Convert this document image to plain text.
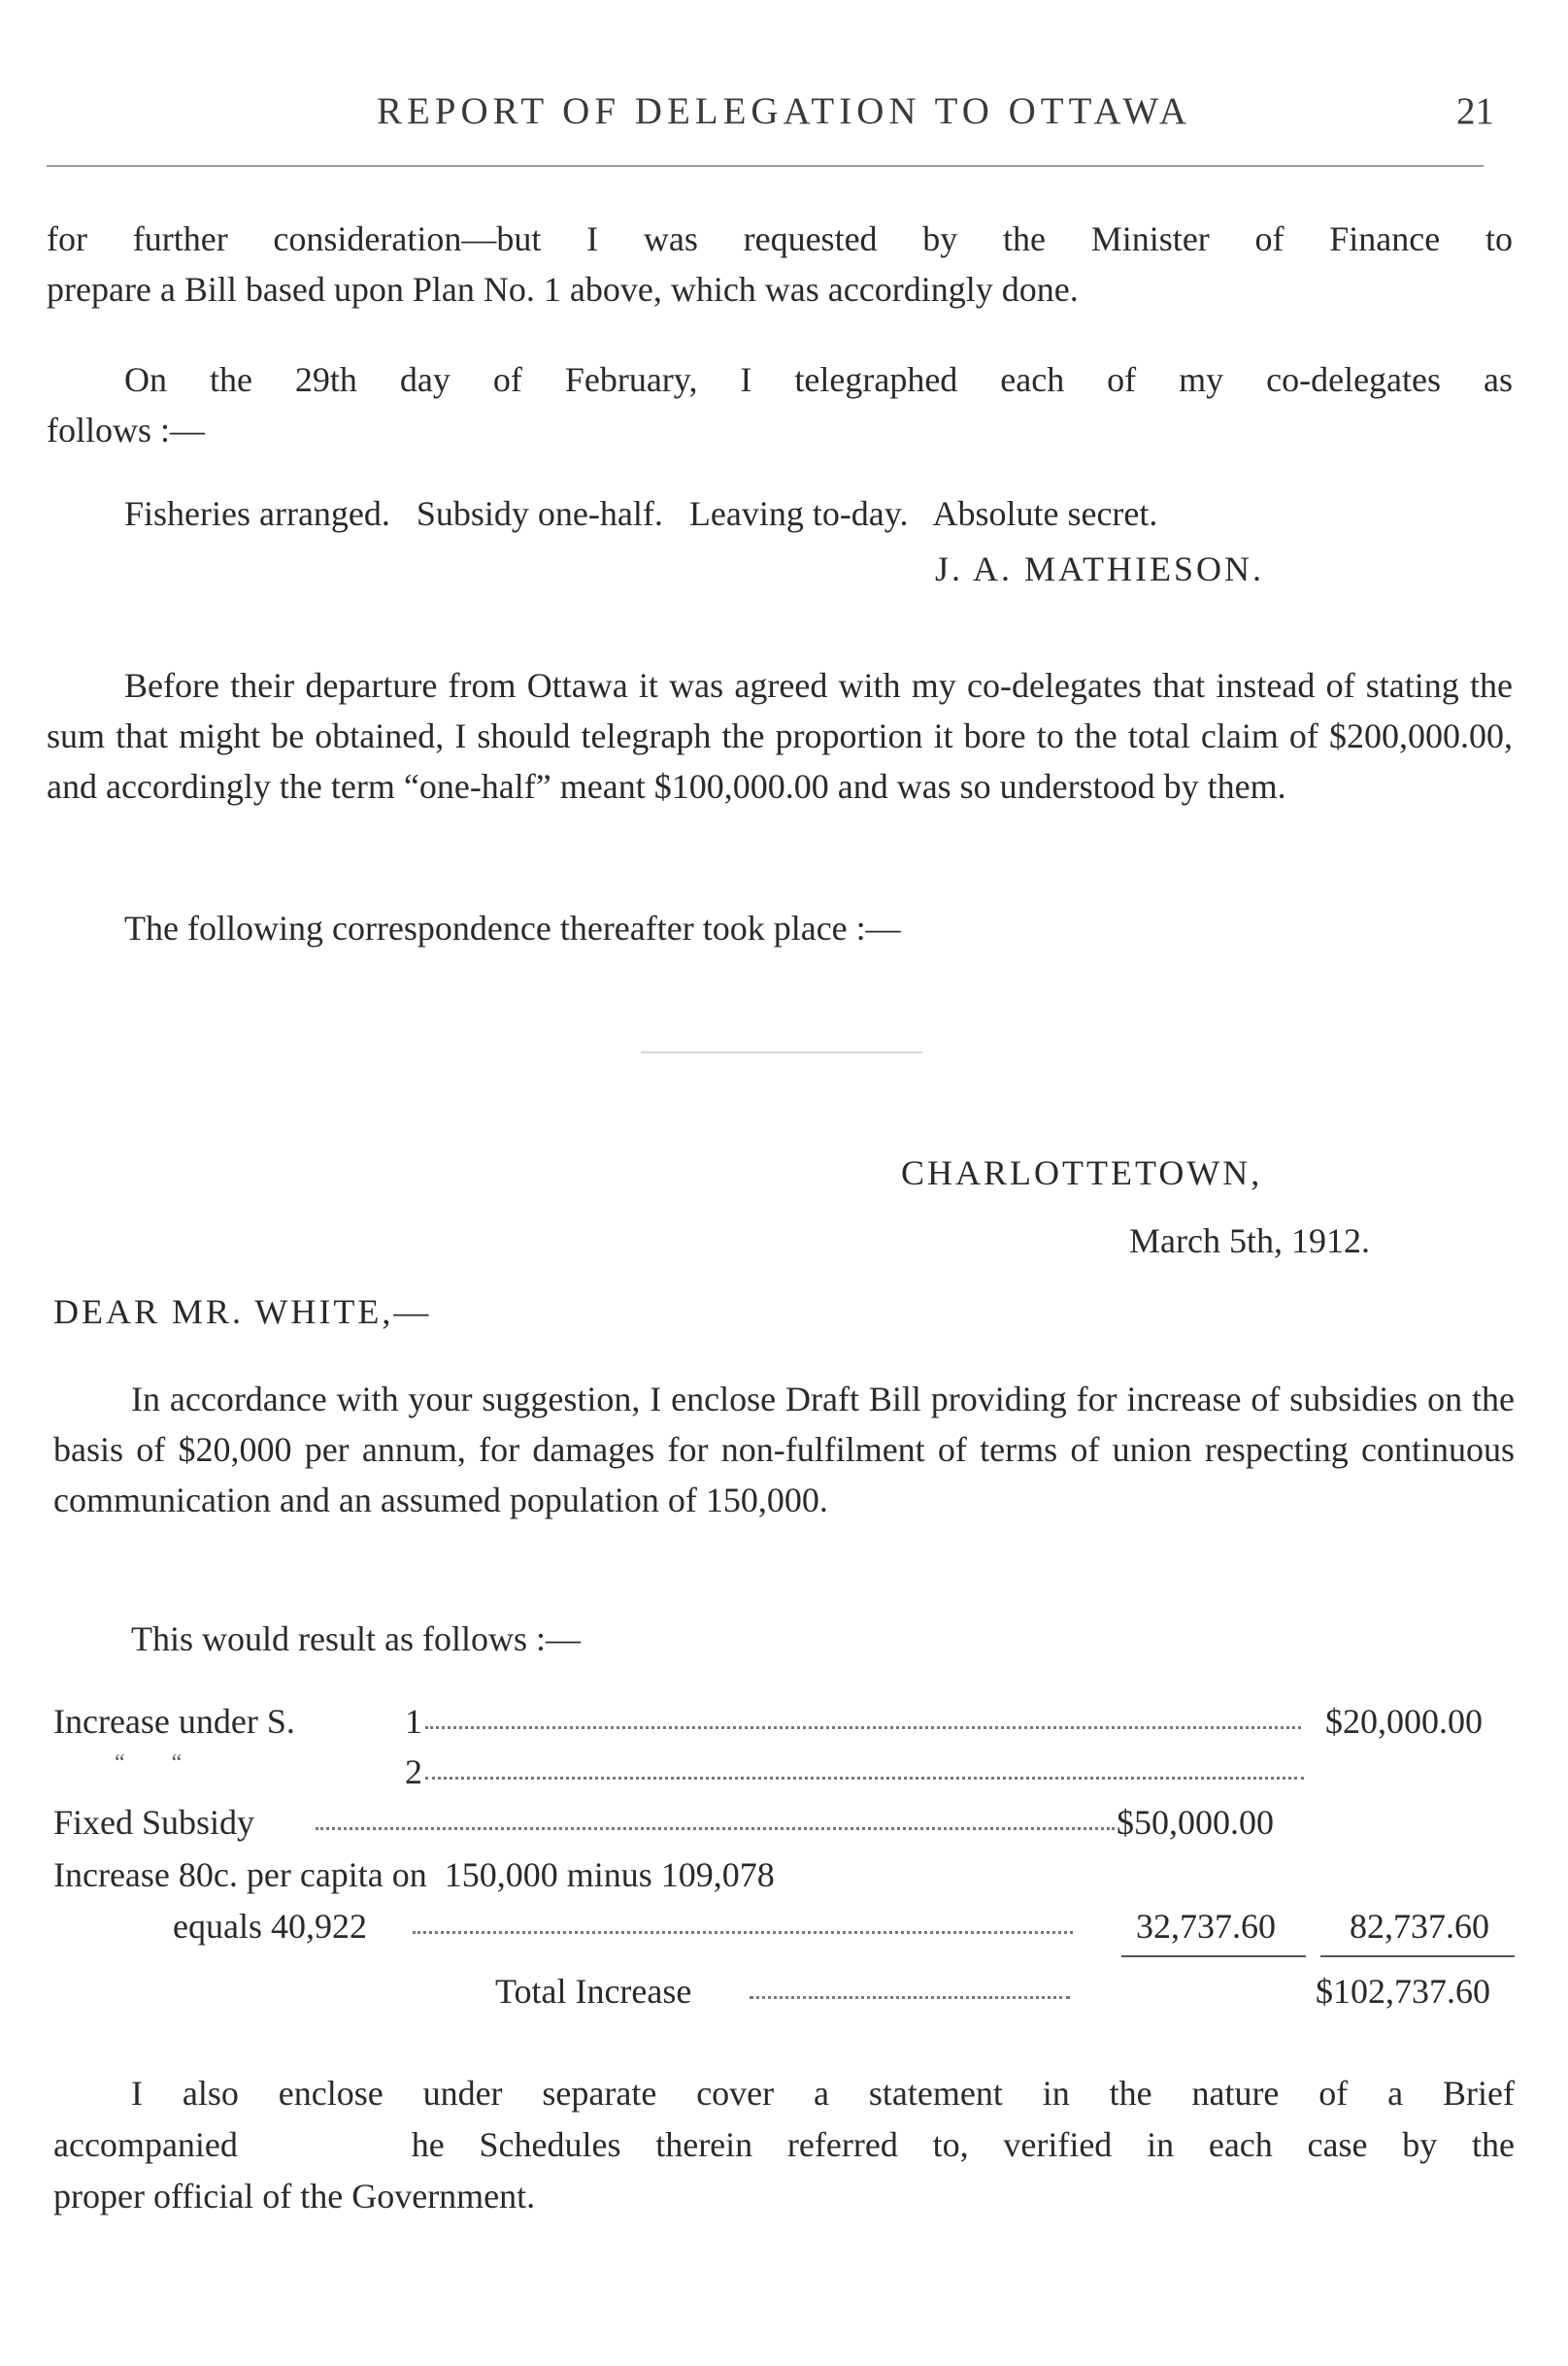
REPORT OF DELEGATION TO OTTAWA	21
for further consideration—but I was requested by the Minister of Finance to
prepare a Bill based upon Plan No. 1 above, which was accordingly done.
On the 29th day of February, I telegraphed each of my co-delegates as
follows :—
Fisheries arranged.   Subsidy one-half.   Leaving to-day.   Absolute secret.
J. A. MATHIESON.
Before their departure from Ottawa it was agreed with my co-delegates that instead of stating the sum that might be obtained, I should telegraph the proportion it bore to the total claim of $200,000.00, and accordingly the term “one-half” meant $100,000.00 and was so understood by them.
The following correspondence thereafter took place :—
CHARLOTTETOWN,
March 5th, 1912.
DEAR MR. WHITE,—
In accordance with your suggestion, I enclose Draft Bill providing for increase of subsidies on the basis of $20,000 per annum, for damages for non-fulfilment of terms of union respecting continuous communication and an assumed population of 150,000.
This would result as follows :—
Increase under S.	1	$20,000.00
“        “	2
Fixed Subsidy	$50,000.00
Increase 80c. per capita on  150,000 minus 109,078
equals 40,922	32,737.60 82,737.60
Total Increase	$102,737.60
I also enclose under separate cover a statement in the nature of a Brief
accompanied     he Schedules therein referred to, verified in each case by the
proper official of the Government.
